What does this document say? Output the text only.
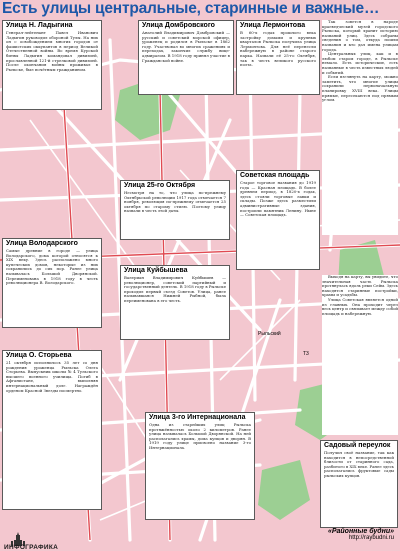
Есть улицы центральные, старинные и важные…
Улица Н. Ладыгина

Генерал-лейтенант Павел Иванович Ладыгин руководил обороной Тулы. На них он с освобождением многих городов от фашистских оккупантов в период Великой Отечественной войны. Во время Курской битвы Ладыгин командовал дивизией, прославленной 121-й стрелковой дивизией. После окончания войны проживал в Рыльске, был почётным гражданином.

Улица Домбровского

Анатолий Владимирович Домбровский — русский и советский морской офицер, уроженец и родился в Рыльске в 1862 году. Участвовал во многих сражениях и переходах, закончил службу вице-адмиралом. В 1918 году принял участие в Гражданской войне.

Улица Лермонтова

В 60-х годах прошлого века застройку домами и крупных кварталов Рыльска получила улица Лермонтова. Для неё перенесли набережную в районе старого парка. Назвали её 25-го Октября, так в честь великого русского поэта.

Улица 25-го Октября

Несмотря на то, что улица по-прежнему Октябрьской революции 1917 года отмечается 7 ноября, революция по-прежнему отмечается 25 октября по старому стилю. Поэтому улицу назвали в честь этой даты.

Советская площадь

Старое торговое названия до 1919 года — Красная площадь. В более древнем период, в 1820-х годах, здесь стояли торговые лавки и склады. Позже здесь разместили административные здания, построили памятник Ленину. Ныне — Советская площадь.

Улица Володарского

Самые древние в городе — улица Володарского, дома которой относятся к XIX веку. Здесь расположено много купеческих домов, некоторые из них сохранились до сих пор. Ранее улица называлась Большой Дворянской. Переименована в 1918 году в честь революционера В. Володарского.

Улица Куйбышева

Валериан Владимирович Куйбышев — революционер, советский партийный и государственный деятель. В 1918 году в Рыльске проходил первый съезд Советов. Улица, ранее называвшаяся Нижней Рыбной, была переименована в его честь.

Улица О. Сторьева

21 октября исполнилось 35 лет со дня рождения уроженца Рыльска Олега Сторьева. Выпускник школы № 4 Тульского высшего военного училища. Погиб в Афганистане, выполняя интернациональный долг. Награждён орденом Красной Звезды посмертно.

Улица 3-го Интернационала

Одна из старейших улиц Рыльска протяжённостью около 2 километров. Ранее улица называлась Большой Дворянской. На ней располагались храмы, дома купцов и дворян. В 1919 году улице присвоено название 3-го Интернационала.	Садовый переулок

Получил своё название, так как находится в непосредственной близости от старинного сада, разбитого в XIX веке. Ранее здесь располагались фруктовые сады рыльских купцов.

Так зовется в народе краеведческий музей городского Рыльска, который хранит историю названий улиц. Здесь собраны сведения о том, откуда пошли названия и кто дал имена улицам города.

Центральных улиц, как и в любом старом городе, в Рыльске немало. Есть исторические, есть названные в честь известных людей и событий.

Если взглянуть на карту, можно заметить, что многие улицы сохранили первоначальную планировку XVIII века. Улицы прямые, пересекаются под прямым углом.

Выходя на карту, вы увидите, что значительная часть Рыльска протянулась вдоль реки Сейм. Здесь находятся старинные постройки, храмы и усадьбы.

Улица Советская является одной из главных. Она проходит через весь центр и связывает между собой площадь и набережную.

Рыльский
Т3
ИНФОГРАФИКА
«Районные будни»
http://raybudni.ru
